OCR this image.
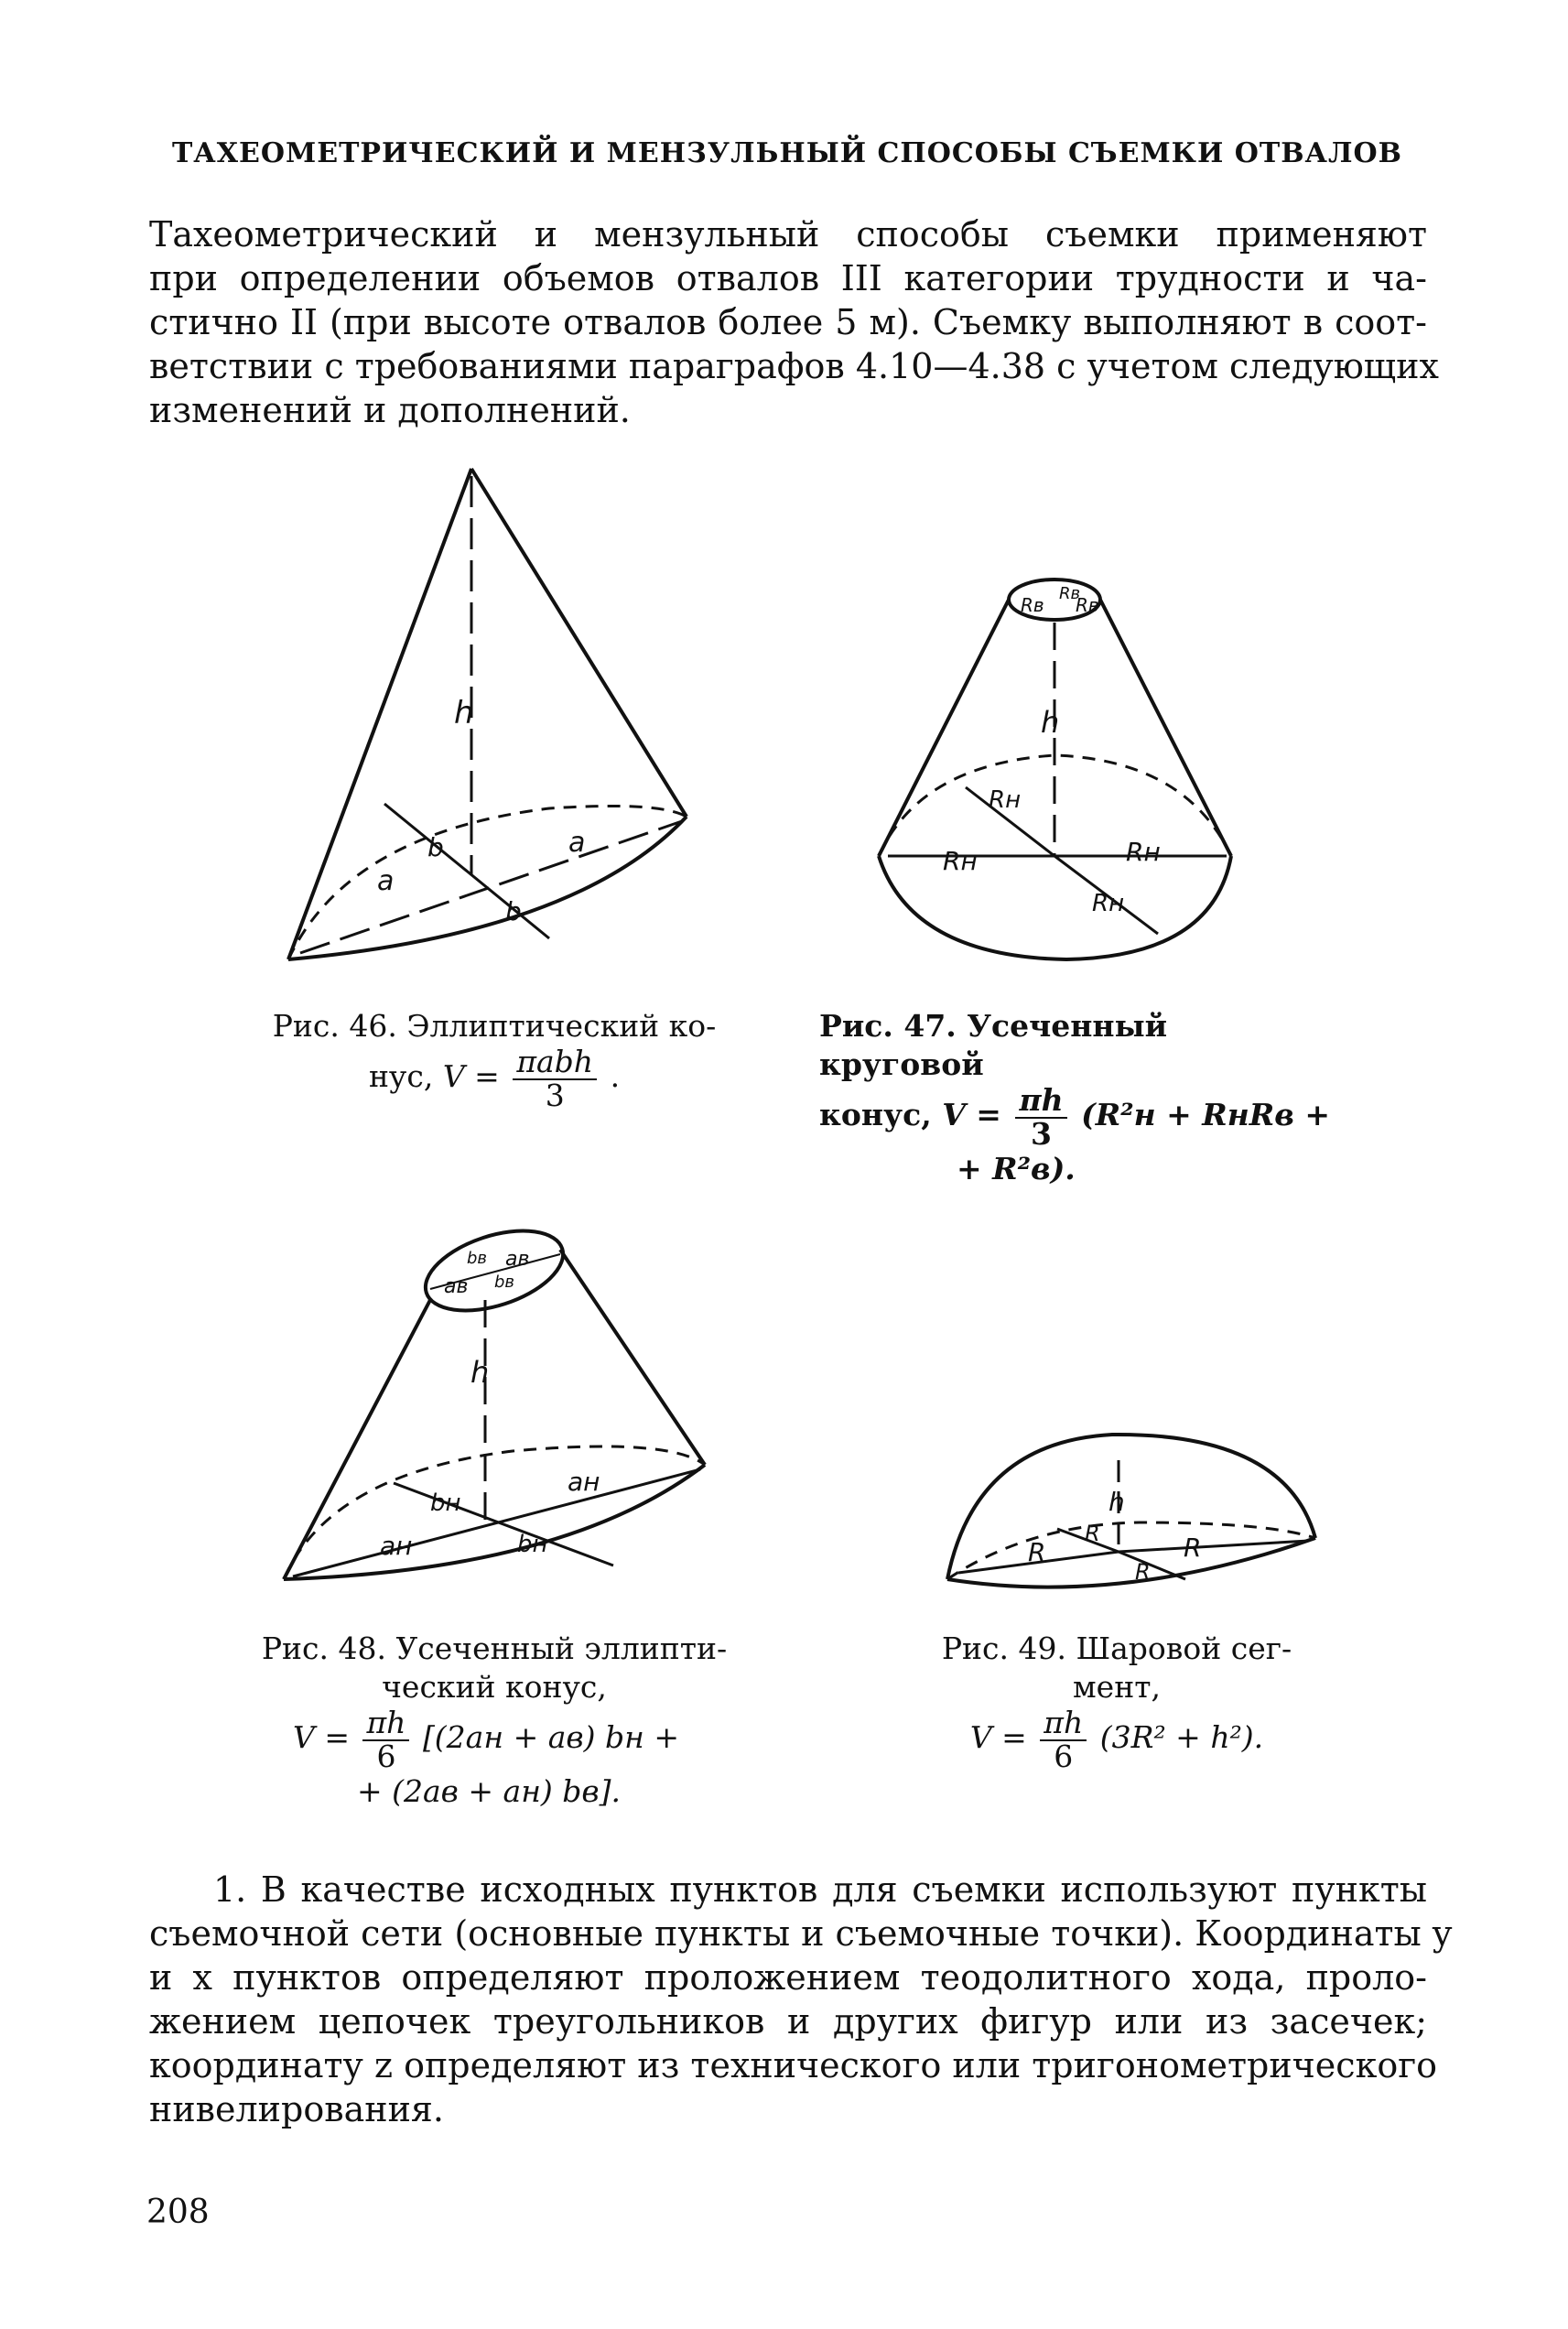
ТАХЕОМЕТРИЧЕСКИЙ И МЕНЗУЛЬНЫЙ СПОСОБЫ СЪЕМКИ ОТВАЛОВ
Тахеометрический и мензульный способы съемки применяют
при определении объемов отвалов III категории трудности и ча-
стично II (при высоте отвалов более 5 м). Съемку выполняют в соот-
ветствии с требованиями параграфов 4.10—4.38 с учетом следующих
изменений и дополнений.
h
a
a
b
b
Рис. 46. Эллиптический ко-
нус, $V = \frac{\text{πabh}}{3}$ .
Rв
Rв
Rв
h
Rн	Rн
Rн
Rн
Рис. 47. Усеченный круговой
конус, $V = \frac{\pi h}{3} (R^2н$ + RнRв +
+ R²в).
bв aв
aв bв
h
aн
aн
bн
bн
Рис. 48. Усеченный эллипти-
ческий конус,
$V = \frac{\pi h}{6} [(2aн + aв)$ bн +
+ (2aв + aн) bв].
h
R	R
R
R
Рис. 49. Шаровой сег-
мент,
$V = \frac{\pi h}{6} (3R^2 + h^2)$.
1. В качестве исходных пунктов для съемки используют пункты
съемочной сети (основные пункты и съемочные точки). Координаты y
и x пунктов определяют проложением теодолитного хода, проло-
жением цепочек треугольников и других фигур или из засечек;
координату z определяют из технического или тригонометрического
нивелирования.
208
